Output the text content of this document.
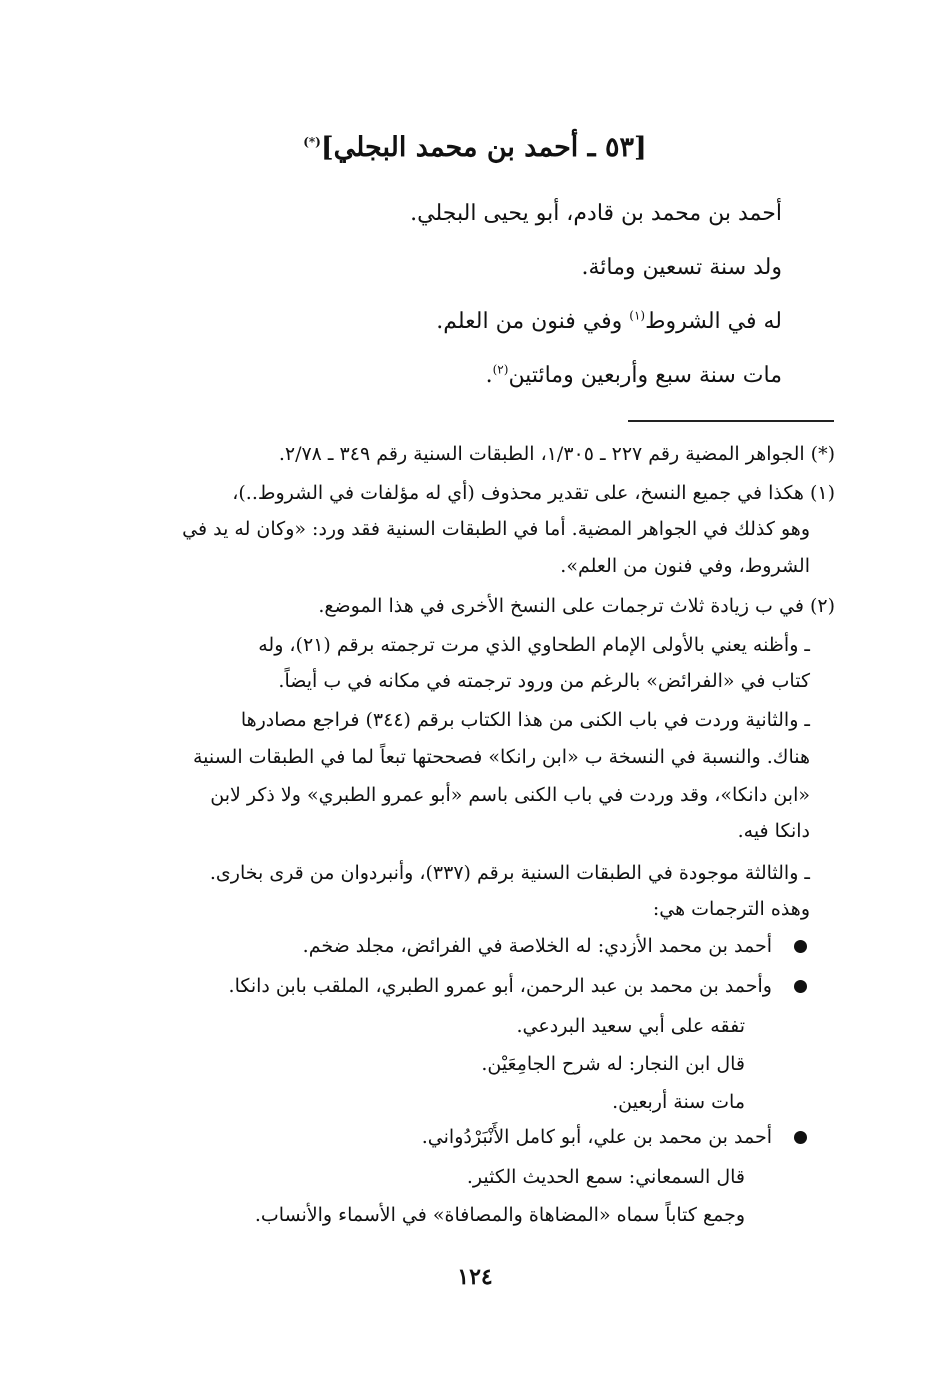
[٥٣ ـ أحمد بن محمد البجلي](*)
أحمد بن محمد بن قادم، أبو يحيى البجلي.
ولد سنة تسعين ومائة.
له في الشروط$^{(١)}$ وفي فنون من العلم.
مات سنة سبع وأربعين ومائتين$^{(٢)}$.
(*) الجواهر المضية رقم ٢٢٧ ـ ١/٣٠٥، الطبقات السنية رقم ٣٤٩ ـ ٢/٧٨.
(١) هكذا في جميع النسخ، على تقدير محذوف (أي له مؤلفات في الشروط..)،
وهو كذلك في الجواهر المضية. أما في الطبقات السنية فقد ورد: «وكان له يد في
الشروط، وفي فنون من العلم».
(٢) في ب زيادة ثلاث ترجمات على النسخ الأخرى في هذا الموضع.
ـ وأظنه يعني بالأولى الإمام الطحاوي الذي مرت ترجمته برقم (٢١)، وله
كتاب في «الفرائض» بالرغم من ورود ترجمته في مكانه في ب أيضاً.
ـ والثانية وردت في باب الكنى من هذا الكتاب برقم (٣٤٤) فراجع مصادرها
هناك. والنسبة في النسخة ب «ابن رانكا» فصححتها تبعاً لما في الطبقات السنية
«ابن دانكا»، وقد وردت في باب الكنى باسم «أبو عمرو الطبري» ولا ذكر لابن
دانكا فيه.
ـ والثالثة موجودة في الطبقات السنية برقم (٣٣٧)، وأنبردوان من قرى بخارى.
وهذه الترجمات هي:
أحمد بن محمد الأزدي: له الخلاصة في الفرائض، مجلد ضخم.
وأحمد بن محمد بن عبد الرحمن، أبو عمرو الطبري، الملقب بابن دانكا.
تفقه على أبي سعيد البردعي.
قال ابن النجار: له شرح الجامِعَيْن.
مات سنة أربعين.
أحمد بن محمد بن علي، أبو كامل الأَنْبَرْدُواني.
قال السمعاني: سمع الحديث الكثير.
وجمع كتاباً سماه «المضاهاة والمصافاة» في الأسماء والأنساب.
١٢٤
